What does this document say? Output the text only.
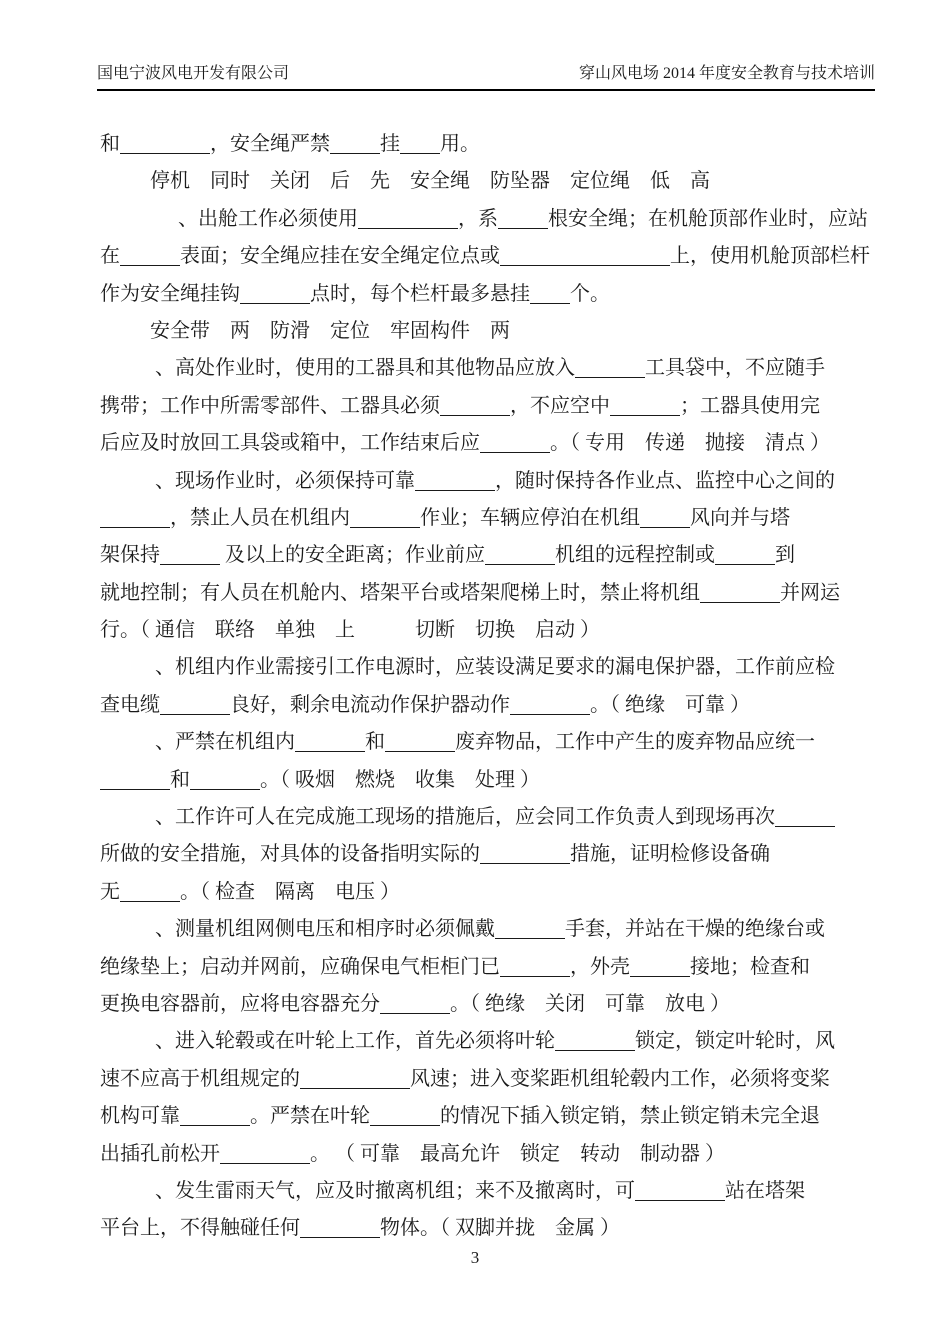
国电宁波风电开发有限公司	穿山风电场 2014 年度安全教育与技术培训
和	，安全绳严禁	挂 用。
停机 同时 关闭 后 先 安全绳 防坠器 定位绳 低 高
、出舱工作必须使用	，系	根安全绳；在机舱顶部作业时，应站
在	表面；安全绳应挂在安全绳定位点或	上，使用机舱顶部栏杆
作为安全绳挂钩	点时，每个栏杆最多悬挂 个。
安全带 两 防滑 定位 牢固构件 两
、高处作业时，使用的工器具和其他物品应放入	工具袋中，不应随手
携带；工作中所需零部件、工器具必须	，不应空中	；工器具使用完
后应及时放回工具袋或箱中，工作结束后应	。（ 专用 传递 抛接 清点 ）
、现场作业时，必须保持可靠	，随时保持各作业点、监控中心之间的
，禁止人员在机组内	作业；车辆应停泊在机组	风向并与塔
架保持	及以上的安全距离；作业前应	机组的远程控制或	到
就地控制；有人员在机舱内、塔架平台或塔架爬梯上时，禁止将机组	并网运
行。（ 通信 联络 单独 上	切断 切换 启动 ）
、机组内作业需接引工作电源时，应装设满足要求的漏电保护器，工作前应检
查电缆	良好，剩余电流动作保护器动作	。（ 绝缘 可靠 ）
、严禁在机组内	和	废弃物品，工作中产生的废弃物品应统一
和	。（ 吸烟 燃烧 收集 处理 ）
、工作许可人在完成施工现场的措施后，应会同工作负责人到现场再次
所做的安全措施，对具体的设备指明实际的	措施，证明检修设备确
无	。（ 检查 隔离 电压 ）
、测量机组网侧电压和相序时必须佩戴	手套，并站在干燥的绝缘台或
绝缘垫上；启动并网前，应确保电气柜柜门已	，外壳	接地；检查和
更换电容器前，应将电容器充分	。（ 绝缘 关闭 可靠 放电 ）
、进入轮毂或在叶轮上工作，首先必须将叶轮	锁定，锁定叶轮时，风
速不应高于机组规定的	风速；进入变桨距机组轮毂内工作，必须将变桨
机构可靠	。严禁在叶轮	的情况下插入锁定销，禁止锁定销未完全退
出插孔前松开	。 （ 可靠 最高允许 锁定 转动 制动器 ）
、发生雷雨天气，应及时撤离机组；来不及撤离时，可	站在塔架
平台上，不得触碰任何	物体。（ 双脚并拢 金属 ）
3
